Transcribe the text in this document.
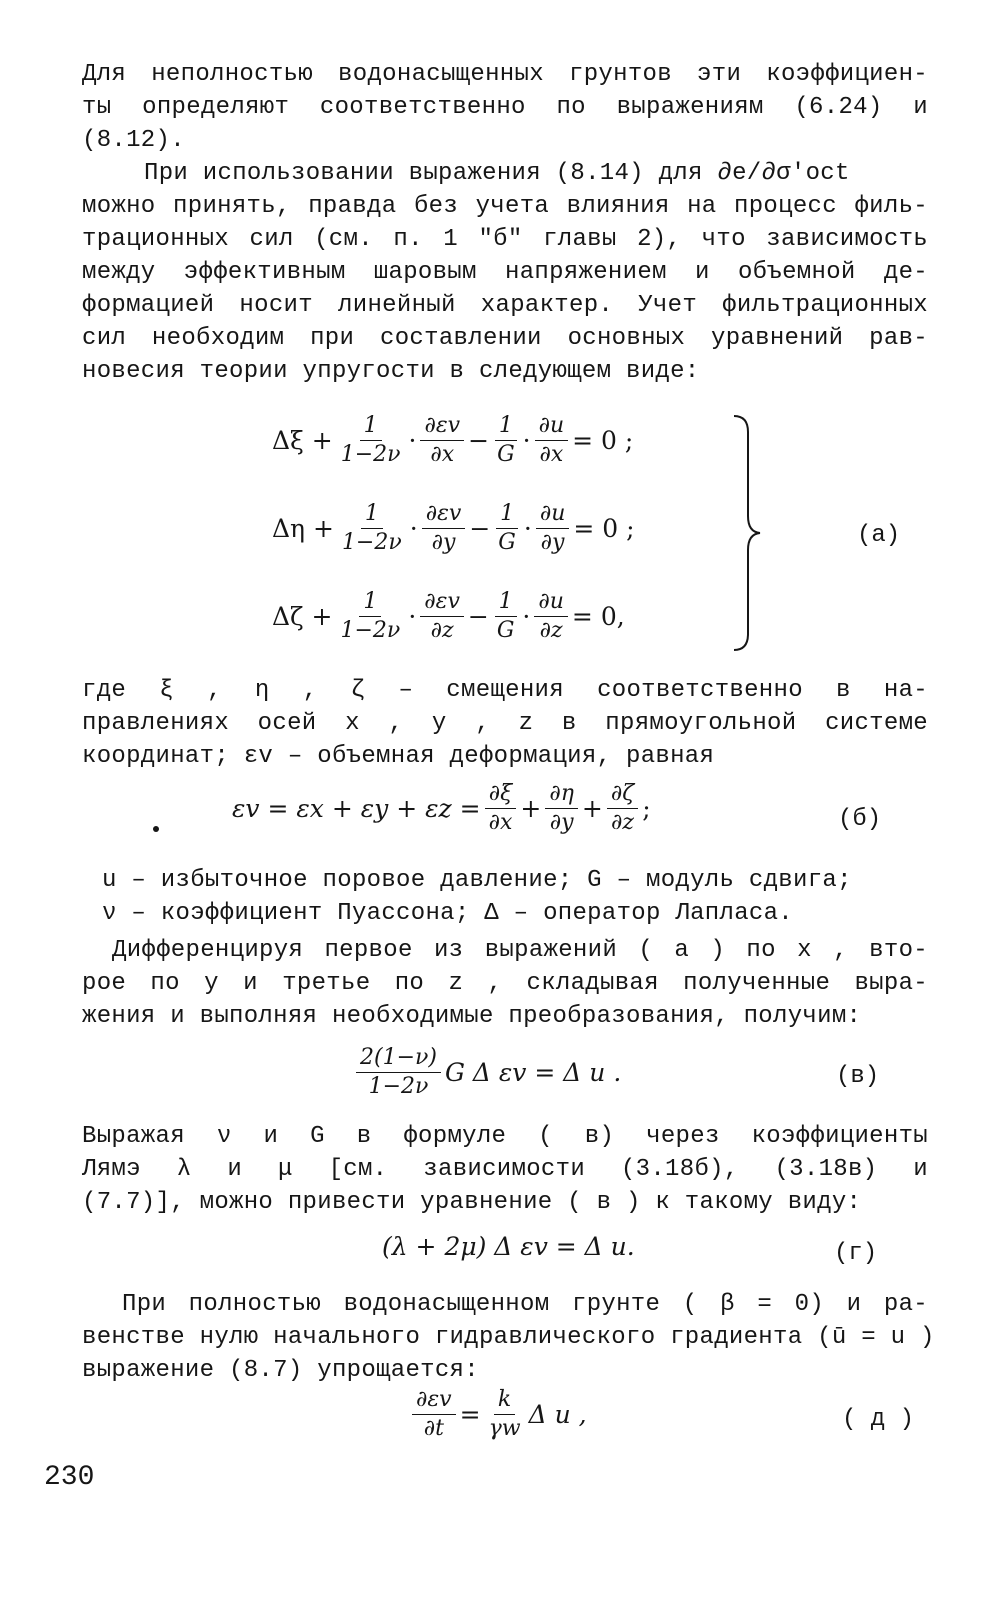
Для неполностью водонасыщенных грунтов эти коэффициен-
ты определяют соответственно по выражениям (6.24) и
(8.12).
При использовании выражения (8.14) для ∂e/∂σ′oct
можно принять, правда без учета влияния на процесс филь-
трационных сил (см. п. 1 "б" главы 2), что зависимость
между эффективным шаровым напряжением и объемной де-
формацией носит линейный характер. Учет фильтрационных
сил необходим при составлении основных уравнений рав-
новесия теории упругости в следующем виде:
$\Delta\xi + \frac{1}{1-2\nu} \cdot \frac{\partial\varepsilon v}{\partial x} - \frac{1}{G} \cdot \frac{\partial u}{\partial x} = 0$ ;
$\Delta\eta + \frac{1}{1-2\nu} \cdot \frac{\partial\varepsilon v}{\partial y} - \frac{1}{G} \cdot \frac{\partial u}{\partial y} = 0$ ;
$\Delta\zeta + \frac{1}{1-2\nu} \cdot \frac{\partial\varepsilon v}{\partial z} - \frac{1}{G} \cdot \frac{\partial u}{\partial z} = 0$,
(а)
где ξ , η , ζ – смещения соответственно в на-
правлениях осей x , y , z в прямоугольной системе
координат; εv – объемная деформация, равная
$\varepsilon v = \varepsilon x + \varepsilon y + \varepsilon z = \frac{\partial\xi}{\partial x} + \frac{\partial\eta}{\partial y} + \frac{\partial\zeta}{\partial z}$ ;	(б)
u – избыточное поровое давление; G – модуль сдвига;
ν – коэффициент Пуассона; Δ – оператор Лапласа.
Дифференцируя первое из выражений ( а ) по x , вто-
рое по y и третье по z , складывая полученные выра-
жения и выполняя необходимые преобразования, получим:
$\frac{2(1-\nu)}{1-2\nu}$ G Δ εv = Δ u .	(в)
Выражая ν и G в формуле ( в) через коэффициенты
Лямэ λ и μ [см. зависимости (3.18б), (3.18в) и
(7.7)], можно привести уравнение ( в ) к такому виду:
(λ + 2μ) Δ εv = Δ u.	(г)
При полностью водонасыщенном грунте ( β = 0) и ра-
венстве нулю начального гидравлического градиента (ū = u )
выражение (8.7) упрощается:
$\frac{\partial\varepsilon v}{\partial t} = \frac{k}{\gamma w}$ Δ u ,	( д )
230
